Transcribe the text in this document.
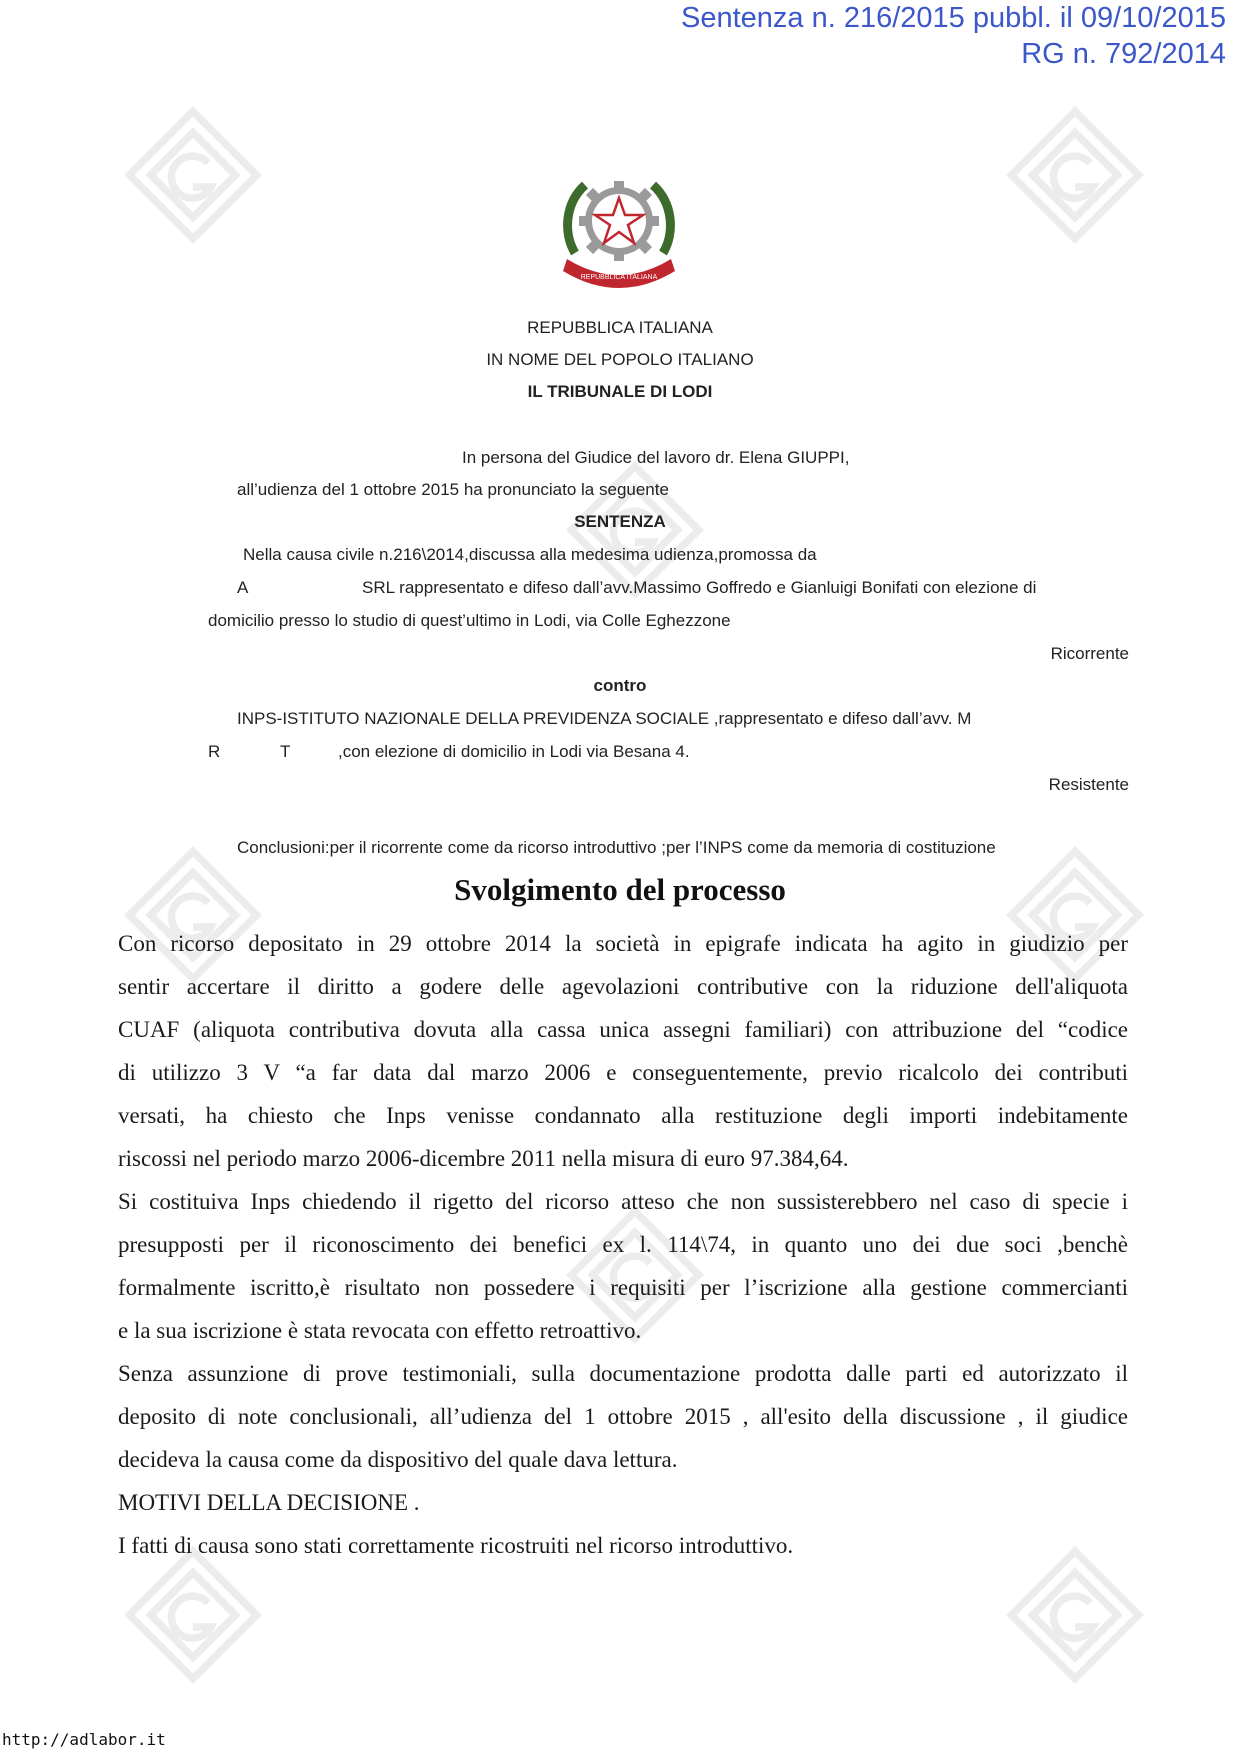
Sentenza n. 216/2015 pubbl. il 09/10/2015
RG n. 792/2014
REPUBBLICA ITALIANA
REPUBBLICA ITALIANA
IN NOME DEL POPOLO ITALIANO
IL TRIBUNALE DI LODI
In persona del Giudice del lavoro dr. Elena GIUPPI,
all’udienza del 1 ottobre 2015 ha pronunciato la seguente
SENTENZA
Nella causa civile n.216\2014,discussa alla medesima udienza,promossa da
A	SRL rappresentato e difeso dall’avv.Massimo Goffredo e Gianluigi Bonifati con elezione di
domicilio presso lo studio di quest’ultimo in Lodi, via Colle Eghezzone
Ricorrente
contro
INPS-ISTITUTO NAZIONALE DELLA PREVIDENZA SOCIALE ,rappresentato e difeso dall’avv. M
R	T	,con elezione di domicilio in Lodi via Besana 4.
Resistente
Conclusioni:per il ricorrente come da ricorso introduttivo ;per l’INPS come da memoria di costituzione
Svolgimento del processo
Con ricorso depositato in 29 ottobre 2014 la società in epigrafe indicata ha agito in giudizio per
sentir accertare il diritto a godere delle agevolazioni contributive con la riduzione dell'aliquota
CUAF (aliquota contributiva dovuta alla cassa unica assegni familiari) con attribuzione del “codice
di utilizzo 3 V “a far data dal marzo 2006 e conseguentemente, previo ricalcolo dei contributi
versati, ha chiesto che Inps venisse condannato alla restituzione degli importi indebitamente
riscossi nel periodo marzo 2006-dicembre 2011 nella misura di euro 97.384,64.
Si costituiva Inps chiedendo il rigetto del ricorso atteso che non sussisterebbero nel caso di specie i
presupposti per il riconoscimento dei benefici ex l. 114\74, in quanto uno dei due soci ,benchè
formalmente iscritto,è risultato non possedere i requisiti per l’iscrizione alla gestione commercianti
e la sua iscrizione è stata revocata con effetto retroattivo.
Senza assunzione di prove testimoniali, sulla documentazione prodotta dalle parti ed autorizzato il
deposito di note conclusionali, all’udienza del 1 ottobre 2015 , all'esito della discussione , il giudice
decideva la causa come da dispositivo del quale dava lettura.
MOTIVI DELLA DECISIONE .
I fatti di causa sono stati correttamente ricostruiti nel ricorso introduttivo.
http://adlabor.it
